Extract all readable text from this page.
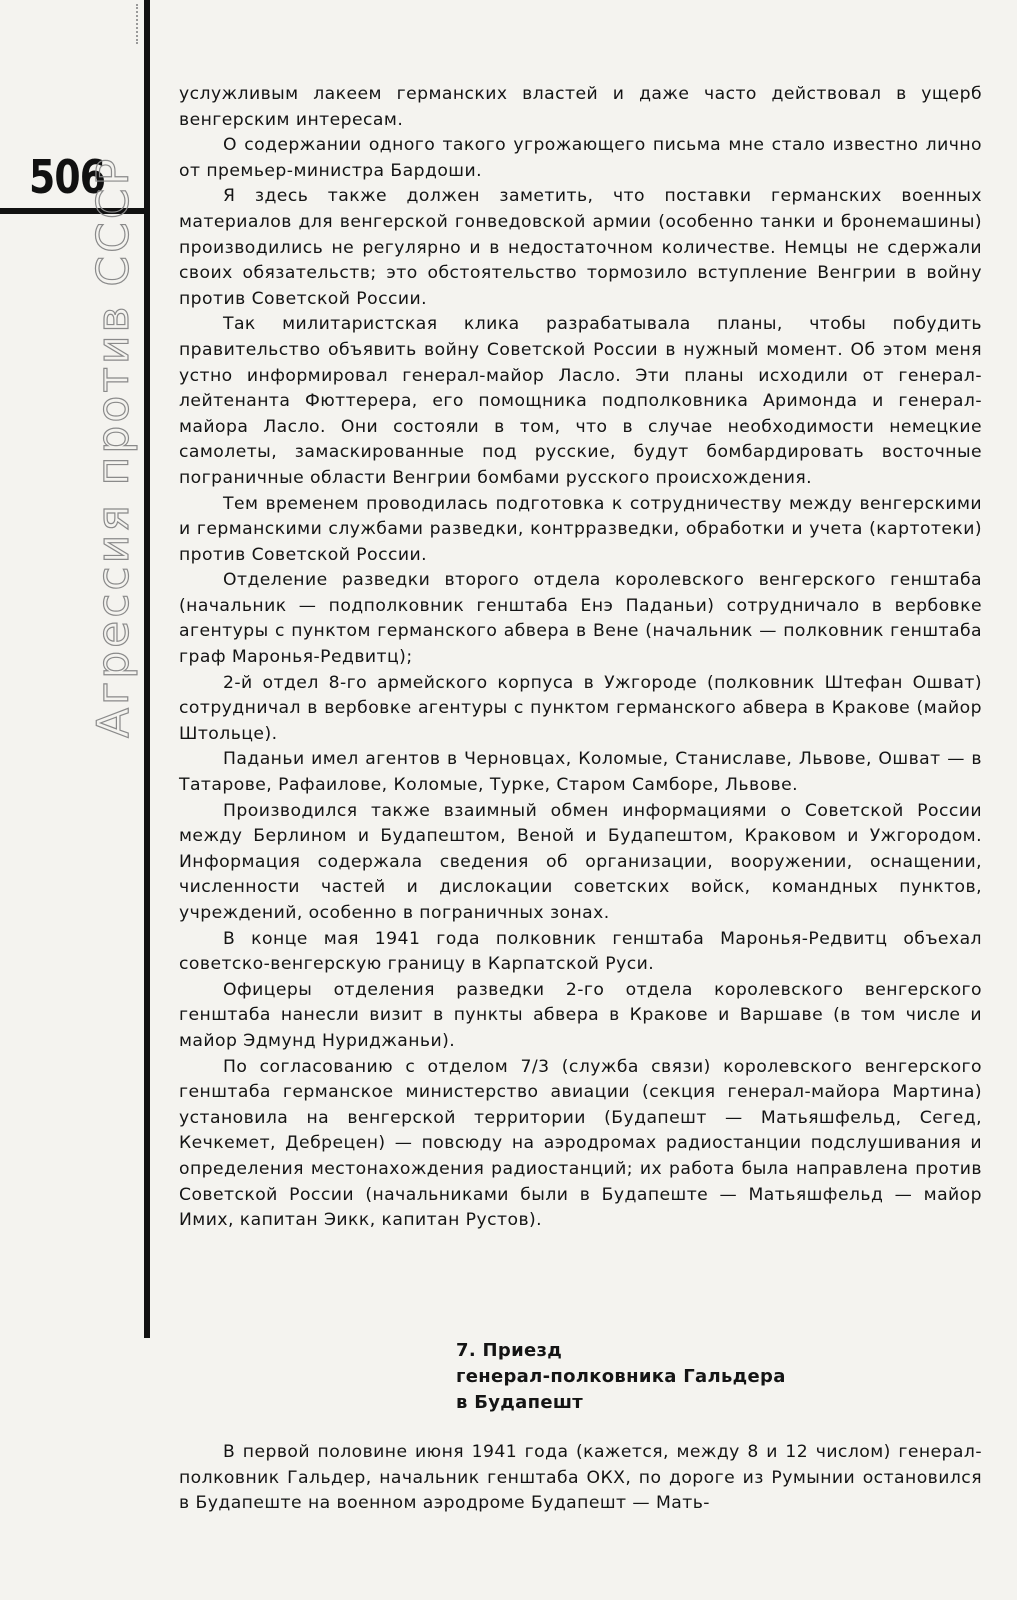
506
Агрессия против СССР

услужливым лакеем германских властей и даже часто действовал в ущерб венгерским интересам.

О содержании одного такого угрожающего письма мне стало известно лично от премьер-министра Бардоши.

Я здесь также должен заметить, что поставки германских военных материалов для венгерской гонведовской армии (особенно танки и бронемашины) производились не регулярно и в недостаточном количестве. Немцы не сдержали своих обязательств; это обстоятельство тормозило вступление Венгрии в войну против Советской России.

Так милитаристская клика разрабатывала планы, чтобы побудить правительство объявить войну Советской России в нужный момент. Об этом меня устно информировал генерал-майор Ласло. Эти планы исходили от генерал-лейтенанта Фюттерера, его помощника подполковника Аримонда и генерал-майора Ласло. Они состояли в том, что в случае необходимости немецкие самолеты, замаскированные под русские, будут бомбардировать восточные пограничные области Венгрии бомбами русского происхождения.

Тем временем проводилась подготовка к сотрудничеству между венгерскими и германскими службами разведки, контрразведки, обработки и учета (картотеки) против Советской России.

Отделение разведки второго отдела королевского венгерского генштаба (начальник — подполковник генштаба Енэ Паданьи) сотрудничало в вербовке агентуры с пунктом германского абвера в Вене (начальник — полковник генштаба граф Маронья-Редвитц);

2-й отдел 8-го армейского корпуса в Ужгороде (полковник Штефан Ошват) сотрудничал в вербовке агентуры с пунктом германского абвера в Кракове (майор Штольце).

Паданьи имел агентов в Черновцах, Коломые, Станиславе, Львове, Ошват — в Татарове, Рафаилове, Коломые, Турке, Старом Самборе, Львове.

Производился также взаимный обмен информациями о Советской России между Берлином и Будапештом, Веной и Будапештом, Краковом и Ужгородом. Информация содержала сведения об организации, вооружении, оснащении, численности частей и дислокации советских войск, командных пунктов, учреждений, особенно в пограничных зонах.

В конце мая 1941 года полковник генштаба Маронья-Редвитц объехал советско-венгерскую границу в Карпатской Руси.

Офицеры отделения разведки 2-го отдела королевского венгерского генштаба нанесли визит в пункты абвера в Кракове и Варшаве (в том числе и майор Эдмунд Нуриджаньи).

По согласованию с отделом 7/3 (служба связи) королевского венгерского генштаба германское министерство авиации (секция генерал-майора Мартина) установила на венгерской территории (Будапешт — Матьяшфельд, Сегед, Кечкемет, Дебрецен) — повсюду на аэродромах радиостанции подслушивания и определения местонахождения радиостанций; их работа была направлена против Советской России (начальниками были в Будапеште — Матьяшфельд — майор Имих, капитан Эикк, капитан Рустов).

7. Приезд
генерал-полковника Гальдера
в Будапешт

В первой половине июня 1941 года (кажется, между 8 и 12 числом) генерал-полковник Гальдер, начальник генштаба ОКХ, по дороге из Румынии остановился в Будапеште на военном аэродроме Будапешт — Мать-
